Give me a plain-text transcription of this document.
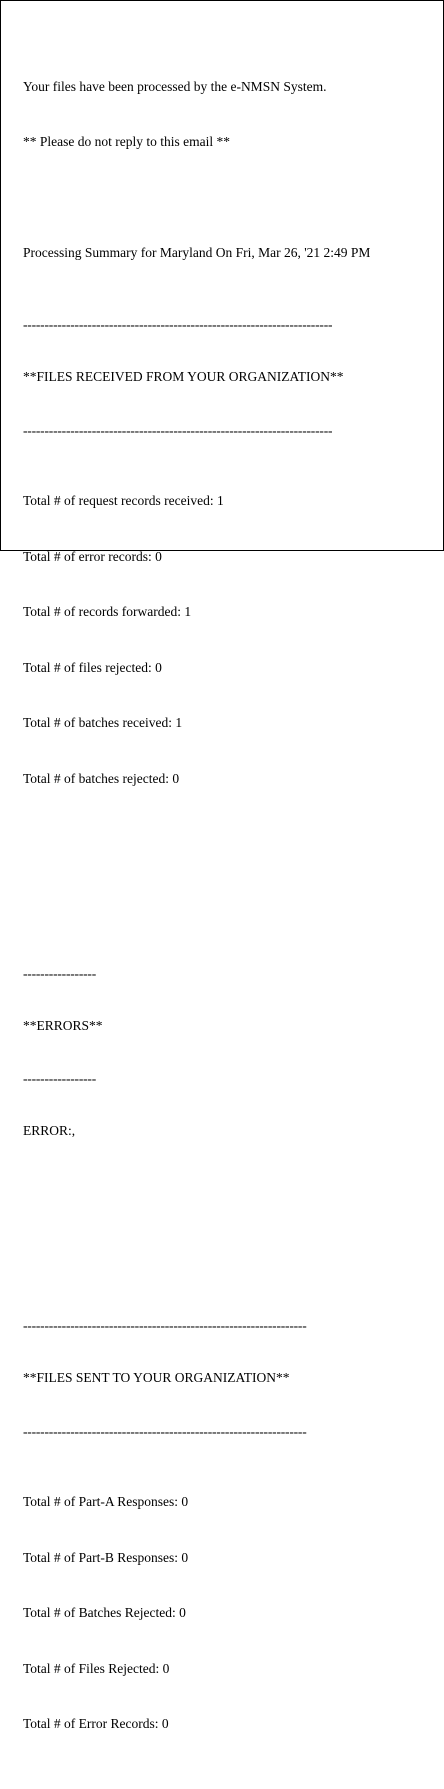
Your files have been processed by the e-NMSN System.

** Please do not reply to this email **

Processing Summary for Maryland On Fri, Mar 26, '21 2:49 PM

------------------------------------------------------------------------

**FILES RECEIVED FROM YOUR ORGANIZATION**

------------------------------------------------------------------------

Total # of request records received: 1

Total # of error records: 0

Total # of records forwarded: 1

Total # of files rejected: 0

Total # of batches received: 1

Total # of batches rejected: 0

-----------------

**ERRORS**

-----------------

ERROR:,

------------------------------------------------------------------

**FILES SENT TO YOUR ORGANIZATION**

------------------------------------------------------------------

Total # of Part-A Responses: 0

Total # of Part-B Responses: 0

Total # of Batches Rejected: 0

Total # of Files Rejected: 0

Total # of Error Records: 0
